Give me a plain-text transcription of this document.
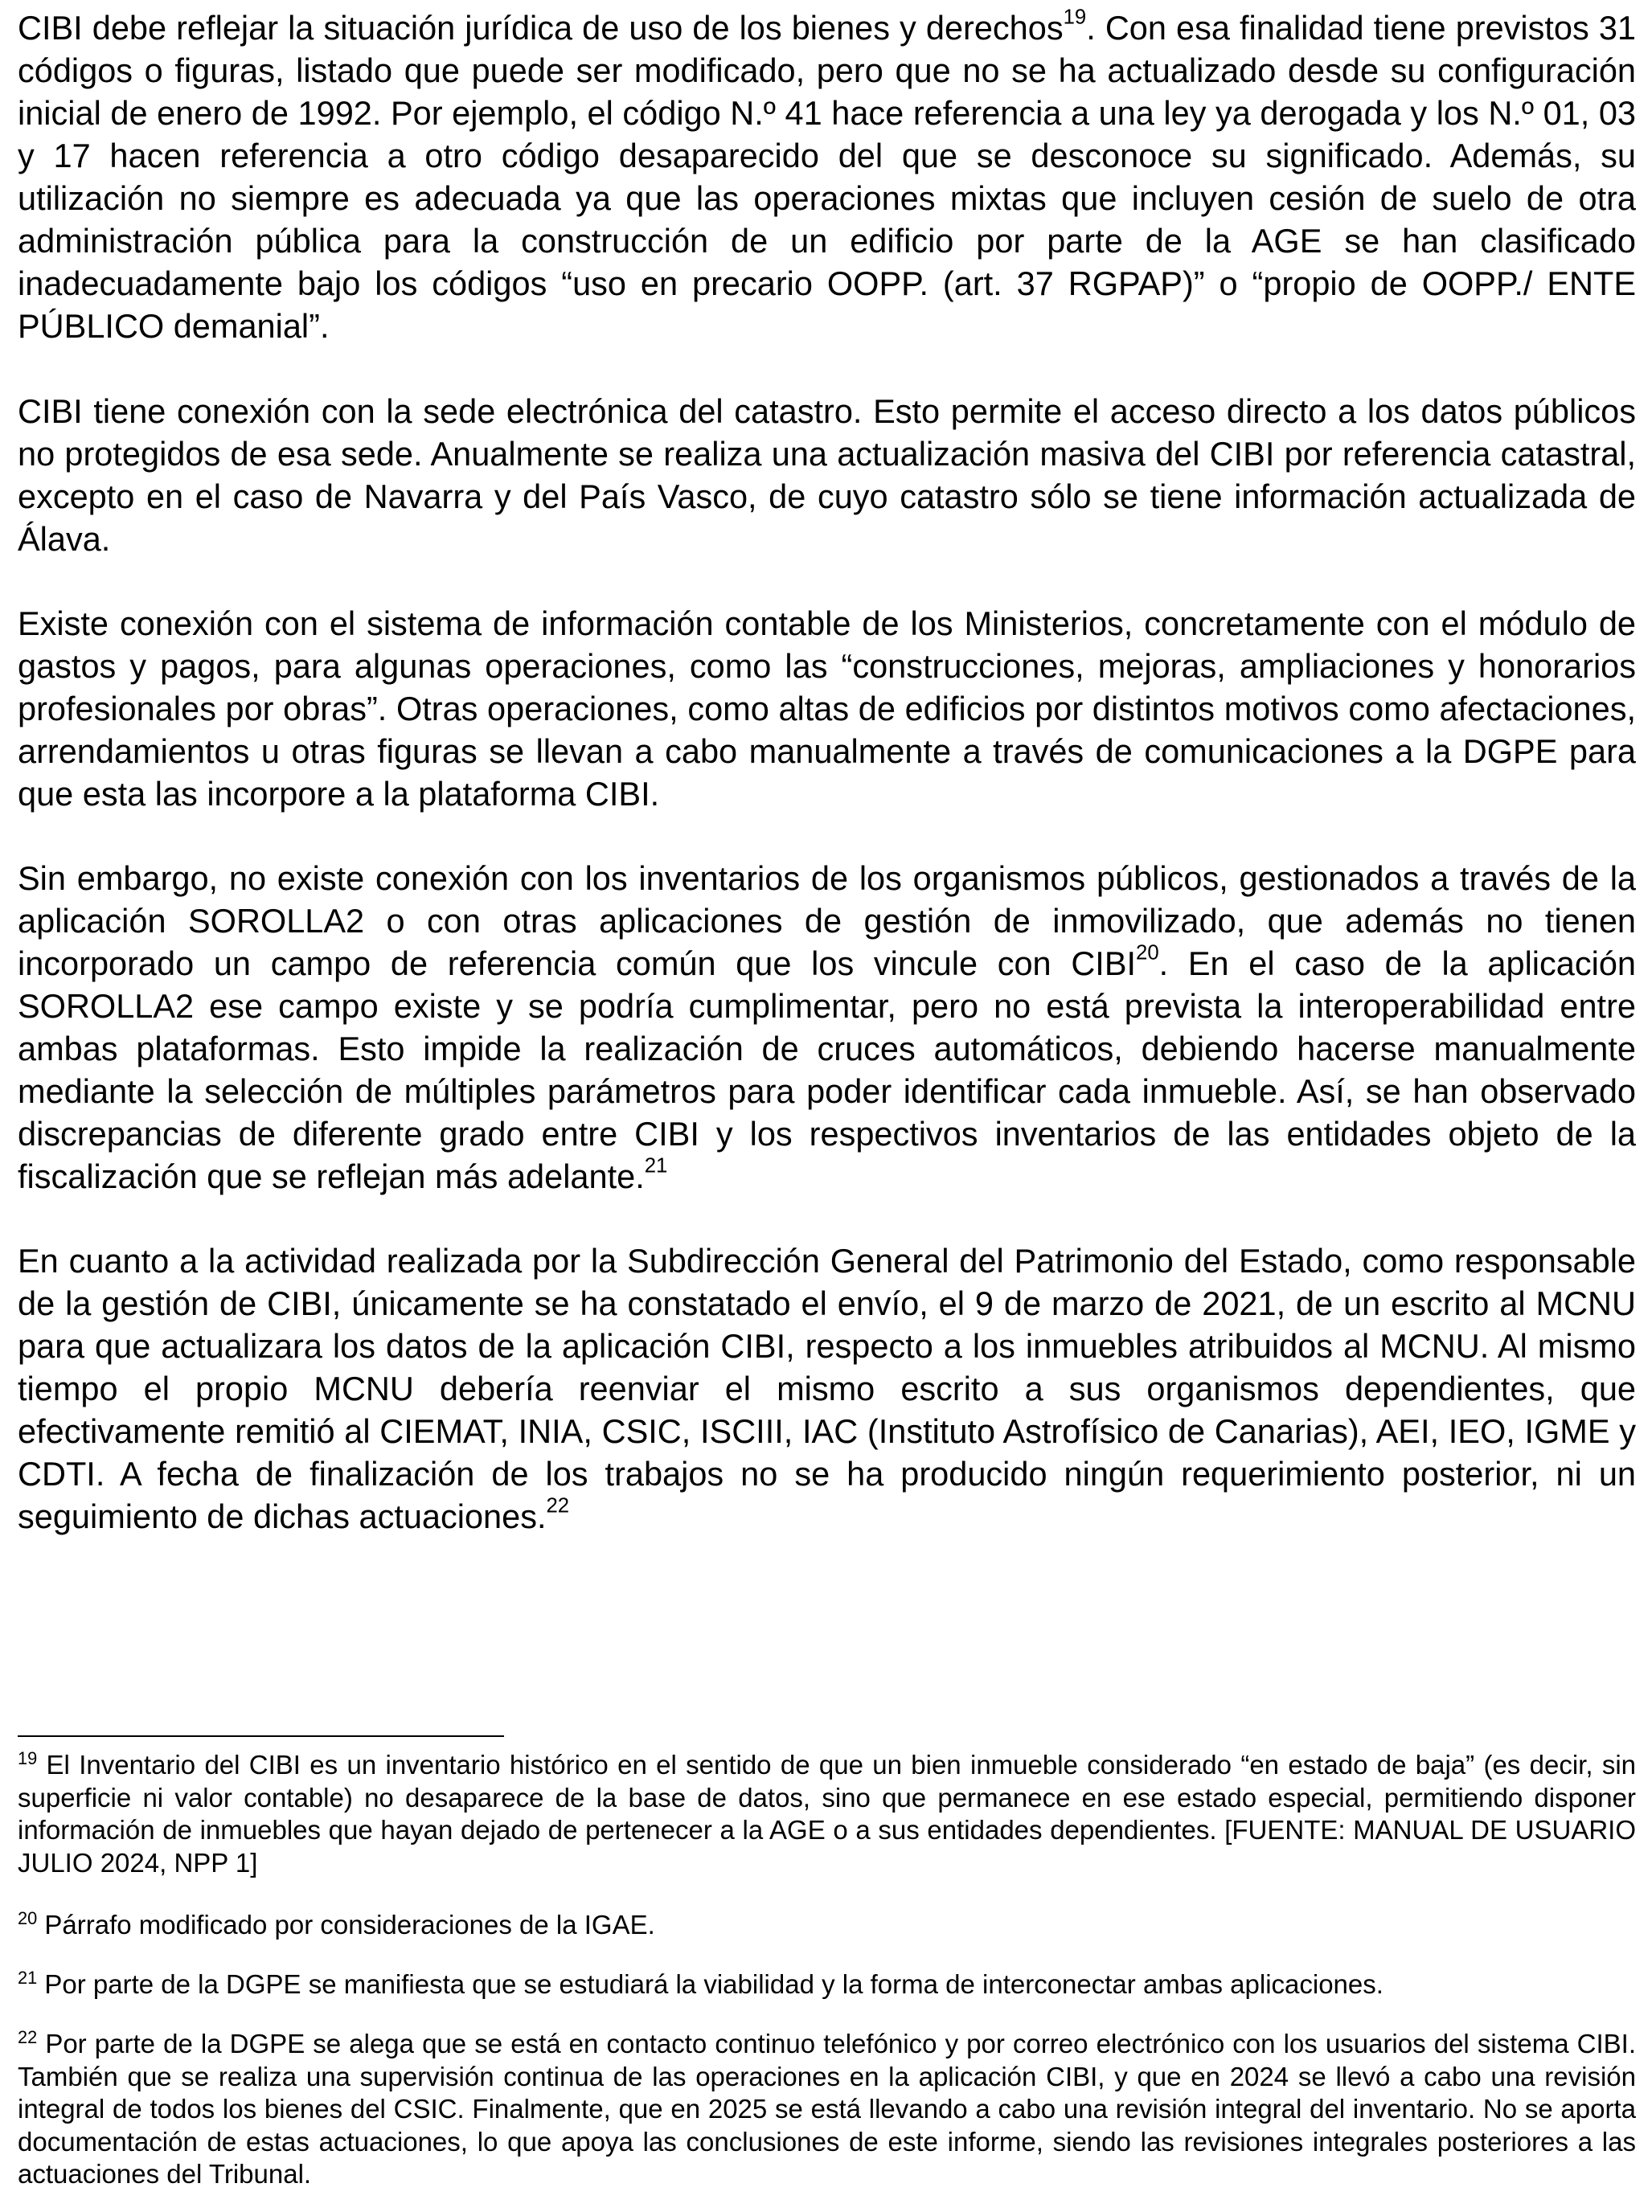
CIBI debe reflejar la situación jurídica de uso de los bienes y derechos$^{19}$. Con esa finalidad tiene previstos 31 códigos o figuras, listado que puede ser modificado, pero que no se ha actualizado desde su configuración inicial de enero de 1992. Por ejemplo, el código N.º 41 hace referencia a una ley ya derogada y los N.º 01, 03 y 17 hacen referencia a otro código desaparecido del que se desconoce su significado. Además, su utilización no siempre es adecuada ya que las operaciones mixtas que incluyen cesión de suelo de otra administración pública para la construcción de un edificio por parte de la AGE se han clasificado inadecuadamente bajo los códigos “uso en precario OOPP. (art. 37 RGPAP)” o “propio de OOPP./ ENTE PÚBLICO demanial”.

CIBI tiene conexión con la sede electrónica del catastro. Esto permite el acceso directo a los datos públicos no protegidos de esa sede. Anualmente se realiza una actualización masiva del CIBI por referencia catastral, excepto en el caso de Navarra y del País Vasco, de cuyo catastro sólo se tiene información actualizada de Álava.

Existe conexión con el sistema de información contable de los Ministerios, concretamente con el módulo de gastos y pagos, para algunas operaciones, como las “construcciones, mejoras, ampliaciones y honorarios profesionales por obras”. Otras operaciones, como altas de edificios por distintos motivos como afectaciones, arrendamientos u otras figuras se llevan a cabo manualmente a través de comunicaciones a la DGPE para que esta las incorpore a la plataforma CIBI.

Sin embargo, no existe conexión con los inventarios de los organismos públicos, gestionados a través de la aplicación SOROLLA2 o con otras aplicaciones de gestión de inmovilizado, que además no tienen incorporado un campo de referencia común que los vincule con CIBI$^{20}$. En el caso de la aplicación SOROLLA2 ese campo existe y se podría cumplimentar, pero no está prevista la interoperabilidad entre ambas plataformas. Esto impide la realización de cruces automáticos, debiendo hacerse manualmente mediante la selección de múltiples parámetros para poder identificar cada inmueble. Así, se han observado discrepancias de diferente grado entre CIBI y los respectivos inventarios de las entidades objeto de la fiscalización que se reflejan más adelante.$^{21}$

En cuanto a la actividad realizada por la Subdirección General del Patrimonio del Estado, como responsable de la gestión de CIBI, únicamente se ha constatado el envío, el 9 de marzo de 2021, de un escrito al MCNU para que actualizara los datos de la aplicación CIBI, respecto a los inmuebles atribuidos al MCNU. Al mismo tiempo el propio MCNU debería reenviar el mismo escrito a sus organismos dependientes, que efectivamente remitió al CIEMAT, INIA, CSIC, ISCIII, IAC (Instituto Astrofísico de Canarias), AEI, IEO, IGME y CDTI. A fecha de finalización de los trabajos no se ha producido ningún requerimiento posterior, ni un seguimiento de dichas actuaciones.$^{22}$

$^{19}$ El Inventario del CIBI es un inventario histórico en el sentido de que un bien inmueble considerado “en estado de baja” (es decir, sin superficie ni valor contable) no desaparece de la base de datos, sino que permanece en ese estado especial, permitiendo disponer información de inmuebles que hayan dejado de pertenecer a la AGE o a sus entidades dependientes. [FUENTE: MANUAL DE USUARIO JULIO 2024, NPP 1]

$^{20}$ Párrafo modificado por consideraciones de la IGAE.

$^{21}$ Por parte de la DGPE se manifiesta que se estudiará la viabilidad y la forma de interconectar ambas aplicaciones.

$^{22}$ Por parte de la DGPE se alega que se está en contacto continuo telefónico y por correo electrónico con los usuarios del sistema CIBI. También que se realiza una supervisión continua de las operaciones en la aplicación CIBI, y que en 2024 se llevó a cabo una revisión integral de todos los bienes del CSIC. Finalmente, que en 2025 se está llevando a cabo una revisión integral del inventario. No se aporta documentación de estas actuaciones, lo que apoya las conclusiones de este informe, siendo las revisiones integrales posteriores a las actuaciones del Tribunal.
